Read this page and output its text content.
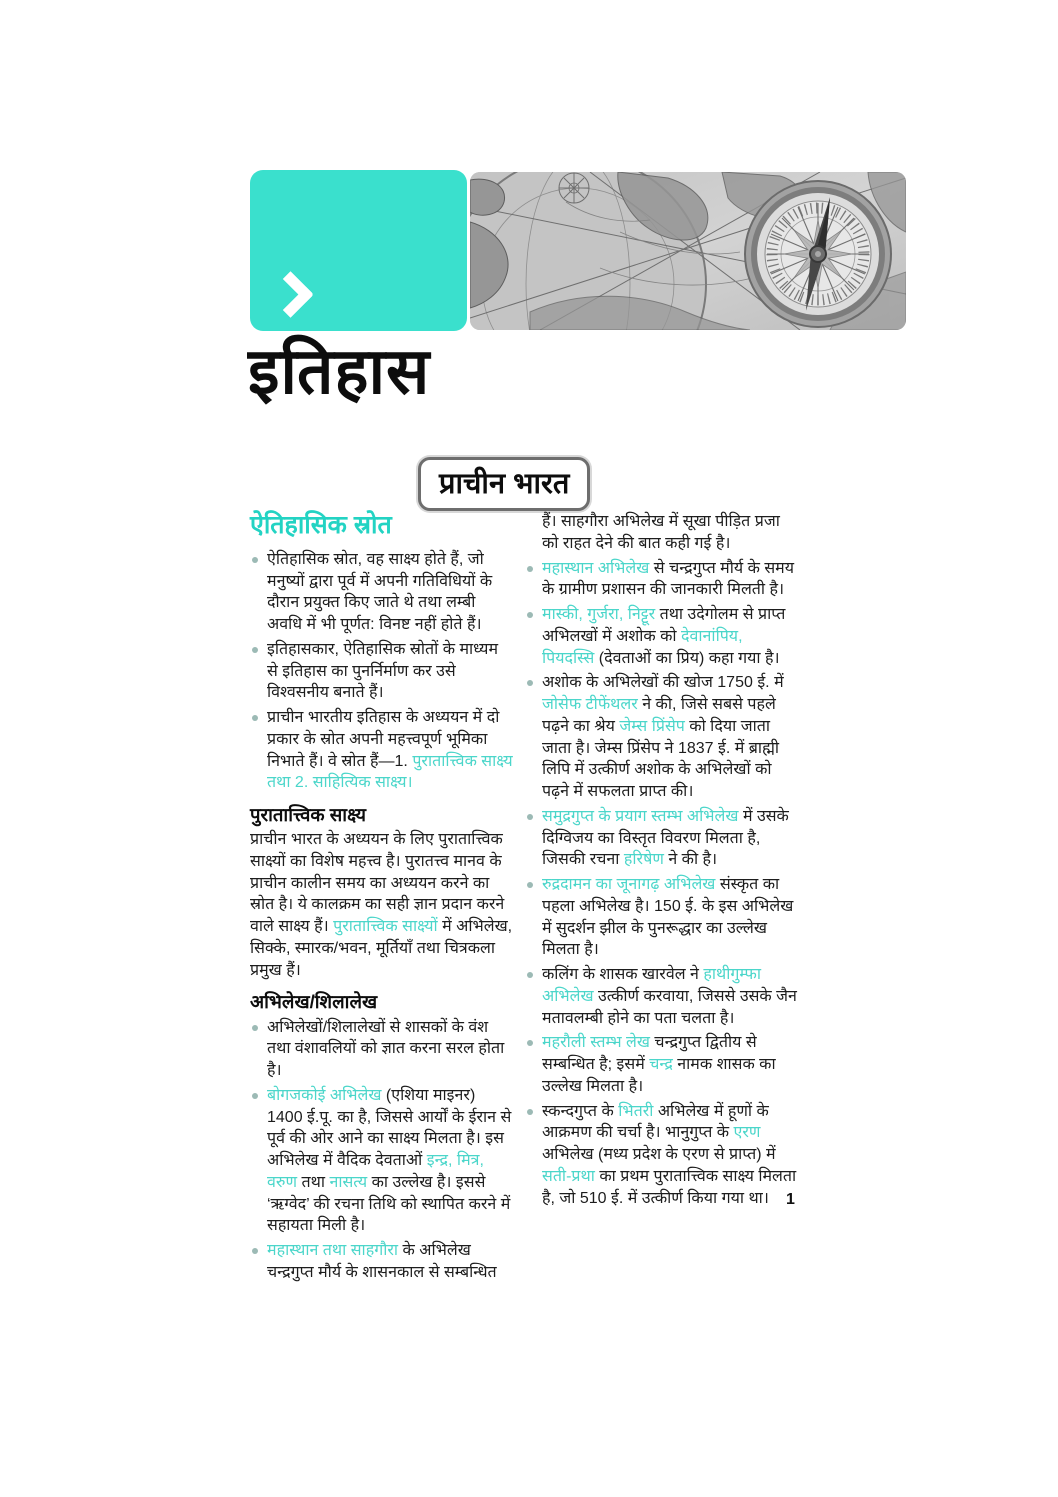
इतिहास
प्राचीन भारत
ऐतिहासिक स्रोत
ऐतिहासिक स्रोत, वह साक्ष्य होते हैं, जो मनुष्यों द्वारा पूर्व में अपनी गतिविधियों के दौरान प्रयुक्त किए जाते थे तथा लम्बी अवधि में भी पूर्णत: विनष्ट नहीं होते हैं।
इतिहासकार, ऐतिहासिक स्रोतों के माध्यम से इतिहास का पुनर्निर्माण कर उसे विश्वसनीय बनाते हैं।
प्राचीन भारतीय इतिहास के अध्ययन में दो प्रकार के स्रोत अपनी महत्त्वपूर्ण भूमिका निभाते हैं। वे स्रोत हैं—1. पुरातात्त्विक साक्ष्य तथा 2. साहित्यिक साक्ष्य।
पुरातात्त्विक साक्ष्य

प्राचीन भारत के अध्ययन के लिए पुरातात्त्विक साक्ष्यों का विशेष महत्त्व है। पुरातत्त्व मानव के प्राचीन कालीन समय का अध्ययन करने का स्रोत है। ये कालक्रम का सही ज्ञान प्रदान करने वाले साक्ष्य हैं। पुरातात्त्विक साक्ष्यों में अभिलेख, सिक्के, स्मारक/भवन, मूर्तियाँ तथा चित्रकला प्रमुख हैं।

अभिलेख/शिलालेख
अभिलेखों/शिलालेखों से शासकों के वंश तथा वंशावलियों को ज्ञात करना सरल होता है।
बोगजकोई अभिलेख (एशिया माइनर) 1400 ई.पू. का है, जिससे आर्यों के ईरान से पूर्व की ओर आने का साक्ष्य मिलता है। इस अभिलेख में वैदिक देवताओं इन्द्र, मित्र, वरुण तथा नासत्य का उल्लेख है। इससे ‘ऋग्वेद’ की रचना तिथि को स्थापित करने में सहायता मिली है।
महास्थान तथा साहगौरा के अभिलेख चन्द्रगुप्त मौर्य के शासनकाल से सम्बन्धित

हैं। साहगौरा अभिलेख में सूखा पीड़ित प्रजा को राहत देने की बात कही गई है।

महास्थान अभिलेख से चन्द्रगुप्त मौर्य के समय के ग्रामीण प्रशासन की जानकारी मिलती है।
मास्की, गुर्जरा, निट्टूर तथा उदेगोलम से प्राप्त अभिलखों में अशोक को देवानांपिय, पियदस्सि (देवताओं का प्रिय) कहा गया है।
अशोक के अभिलेखों की खोज 1750 ई. में जोसेफ टीफेंथलर ने की, जिसे सबसे पहले पढ़ने का श्रेय जेम्स प्रिंसेप को दिया जाता जाता है। जेम्स प्रिंसेप ने 1837 ई. में ब्राह्मी लिपि में उत्कीर्ण अशोक के अभिलेखों को पढ़ने में सफलता प्राप्त की।
समुद्रगुप्त के प्रयाग स्तम्भ अभिलेख में उसके दिग्विजय का विस्तृत विवरण मिलता है, जिसकी रचना हरिषेण ने की है।
रुद्रदामन का जूनागढ़ अभिलेख संस्कृत का पहला अभिलेख है। 150 ई. के इस अभिलेख में सुदर्शन झील के पुनरूद्धार का उल्लेख मिलता है।
कलिंग के शासक खारवेल ने हाथीगुम्फा अभिलेख उत्कीर्ण करवाया, जिससे उसके जैन मतावलम्बी होने का पता चलता है।
महरौली स्तम्भ लेख चन्द्रगुप्त द्वितीय से सम्बन्धित है; इसमें चन्द्र नामक शासक का उल्लेख मिलता है।
स्कन्दगुप्त के भितरी अभिलेख में हूणों के आक्रमण की चर्चा है। भानुगुप्त के एरण अभिलेख (मध्य प्रदेश के एरण से प्राप्त) में सती-प्रथा का प्रथम पुरातात्त्विक साक्ष्य मिलता है, जो 510 ई. में उत्कीर्ण किया गया था।	1
